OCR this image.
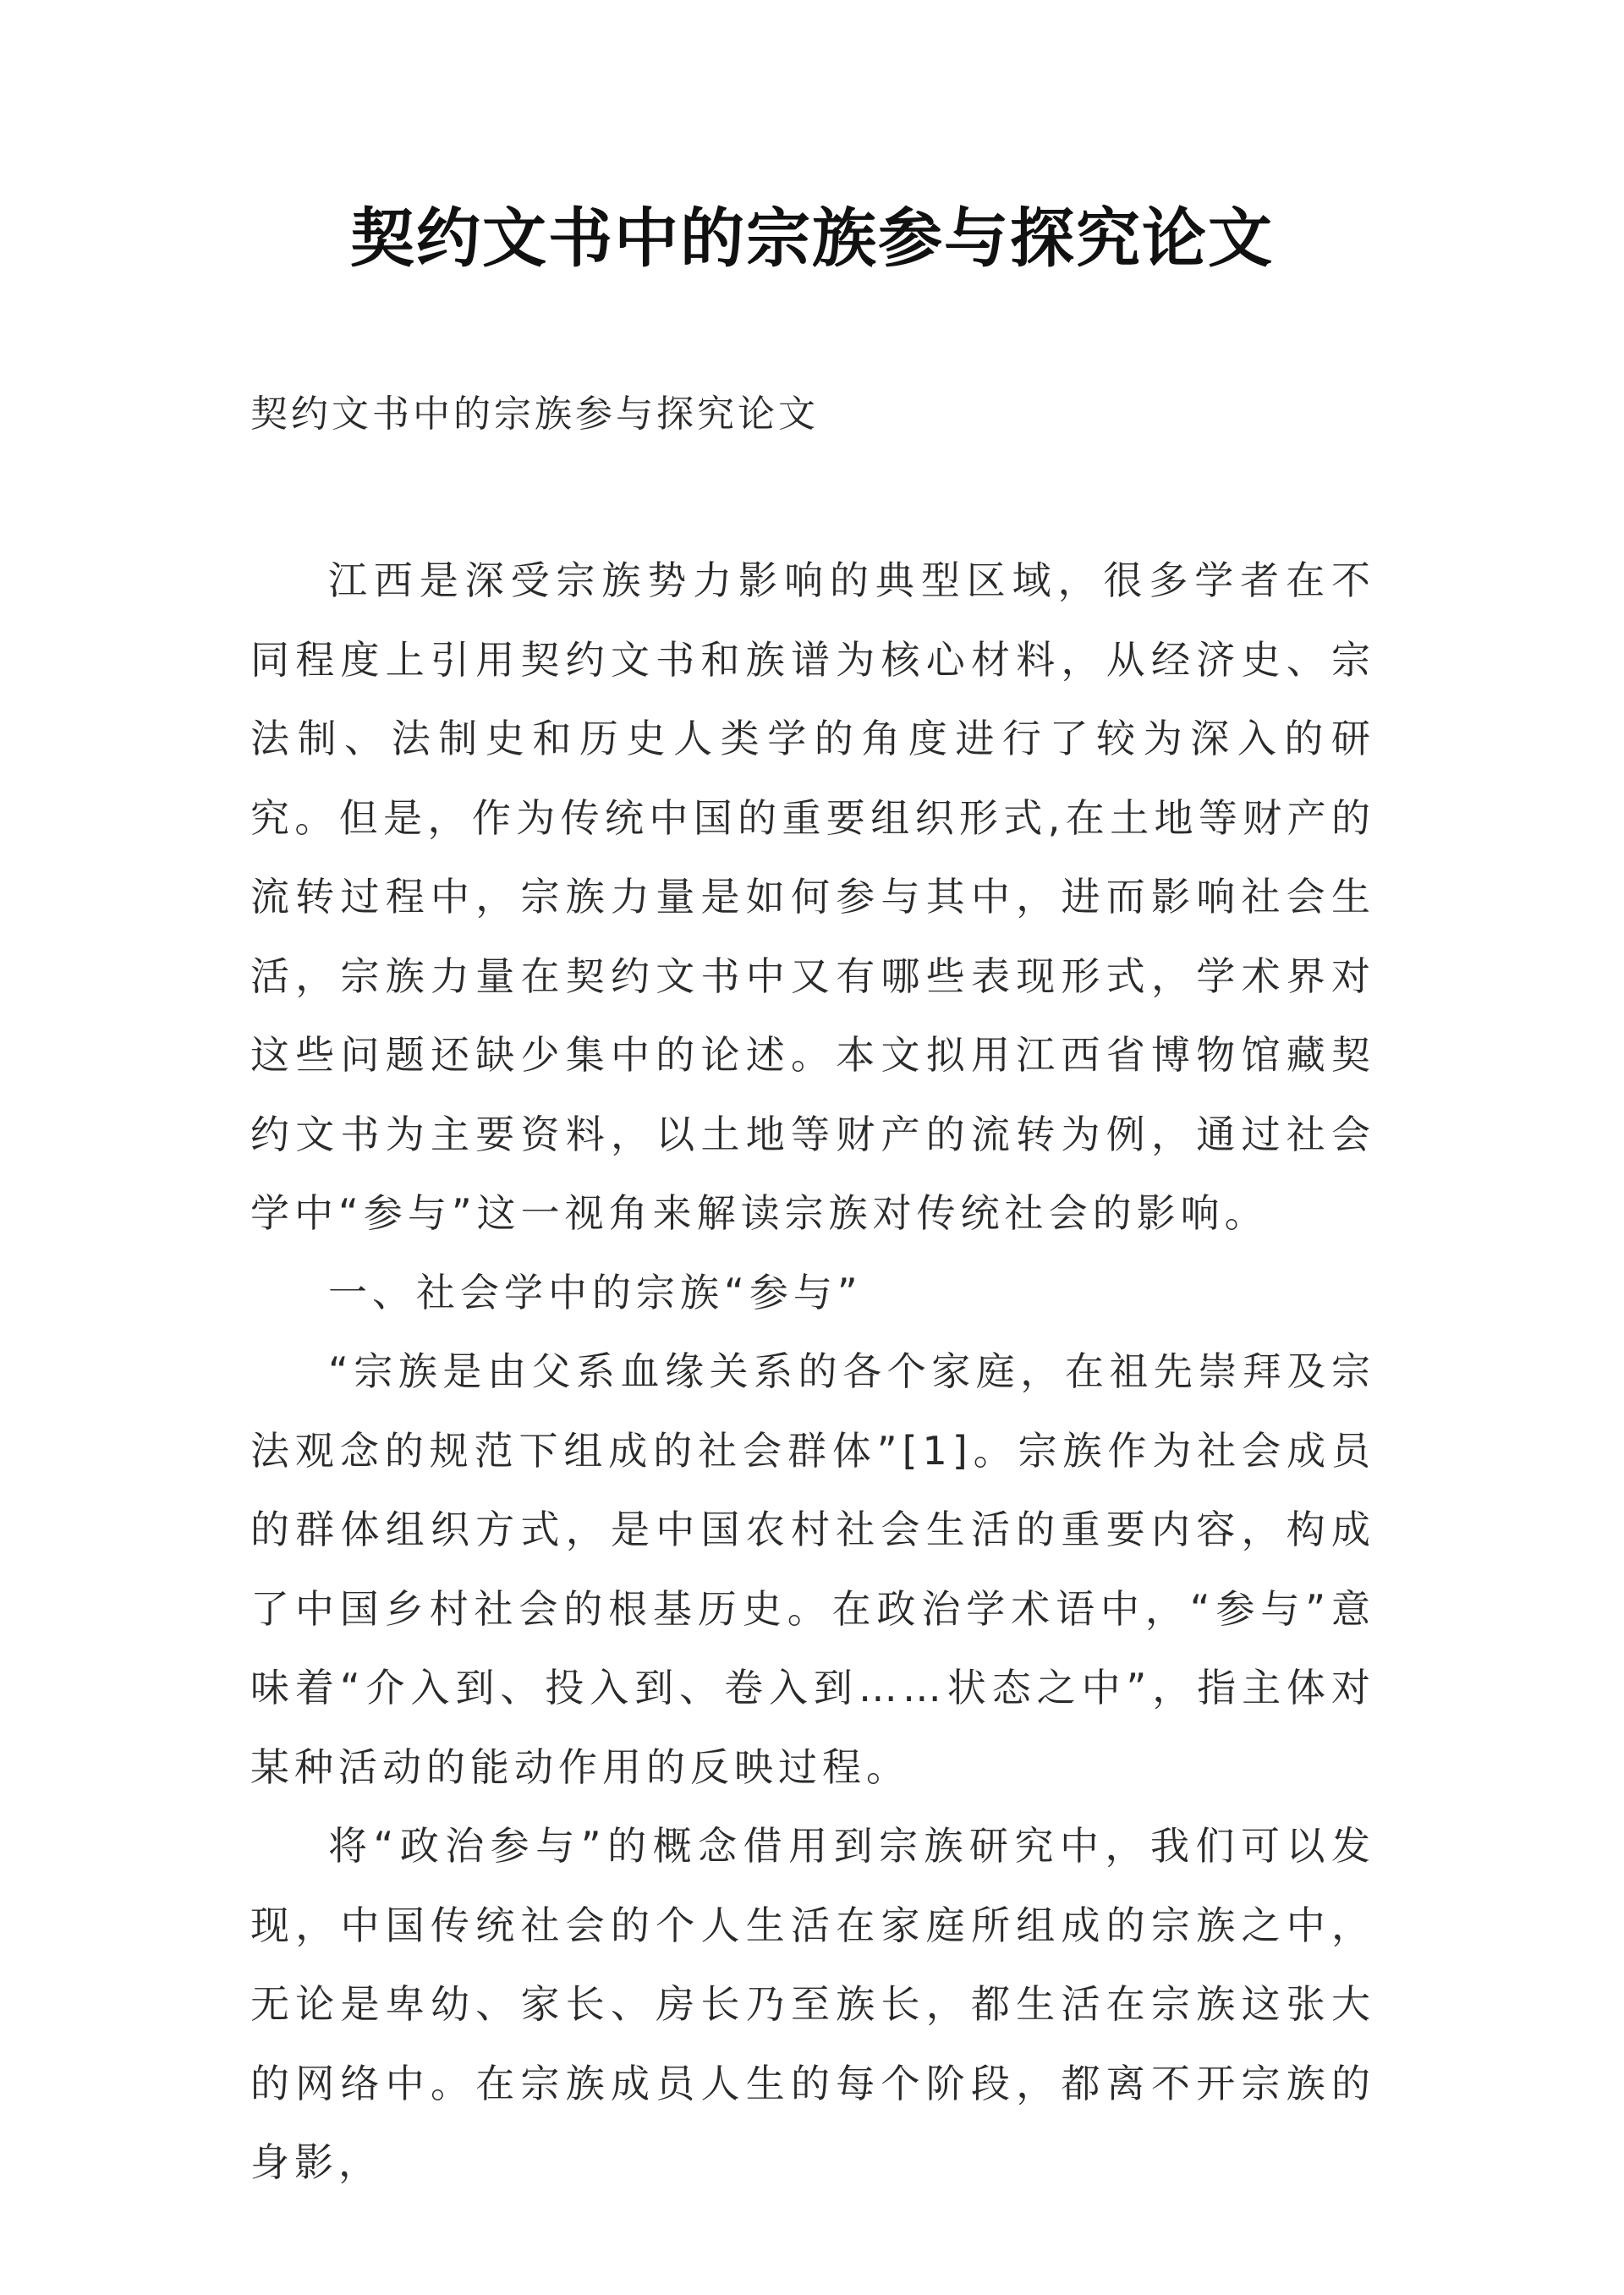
契约文书中的宗族参与探究论文
契约文书中的宗族参与探究论文

江西是深受宗族势力影响的典型区域，很多学者在不同程度上引用契约文书和族谱为核心材料，从经济史、宗法制、法制史和历史人类学的角度进行了较为深入的研究。但是，作为传统中国的重要组织形式,在土地等财产的流转过程中，宗族力量是如何参与其中，进而影响社会生活，宗族力量在契约文书中又有哪些表现形式，学术界对这些问题还缺少集中的论述。本文拟用江西省博物馆藏契约文书为主要资料，以土地等财产的流转为例，通过社会学中“参与”这一视角来解读宗族对传统社会的影响。

一、社会学中的宗族“参与”

“宗族是由父系血缘关系的各个家庭，在祖先崇拜及宗法观念的规范下组成的社会群体”[1]。宗族作为社会成员的群体组织方式，是中国农村社会生活的重要内容，构成了中国乡村社会的根基历史。在政治学术语中，“参与”意味着“介入到、投入到、卷入到……状态之中”，指主体对某种活动的能动作用的反映过程。

将“政治参与”的概念借用到宗族研究中，我们可以发现，中国传统社会的个人生活在家庭所组成的宗族之中，无论是卑幼、家长、房长乃至族长，都生活在宗族这张大的网络中。在宗族成员人生的每个阶段，都离不开宗族的身影，
